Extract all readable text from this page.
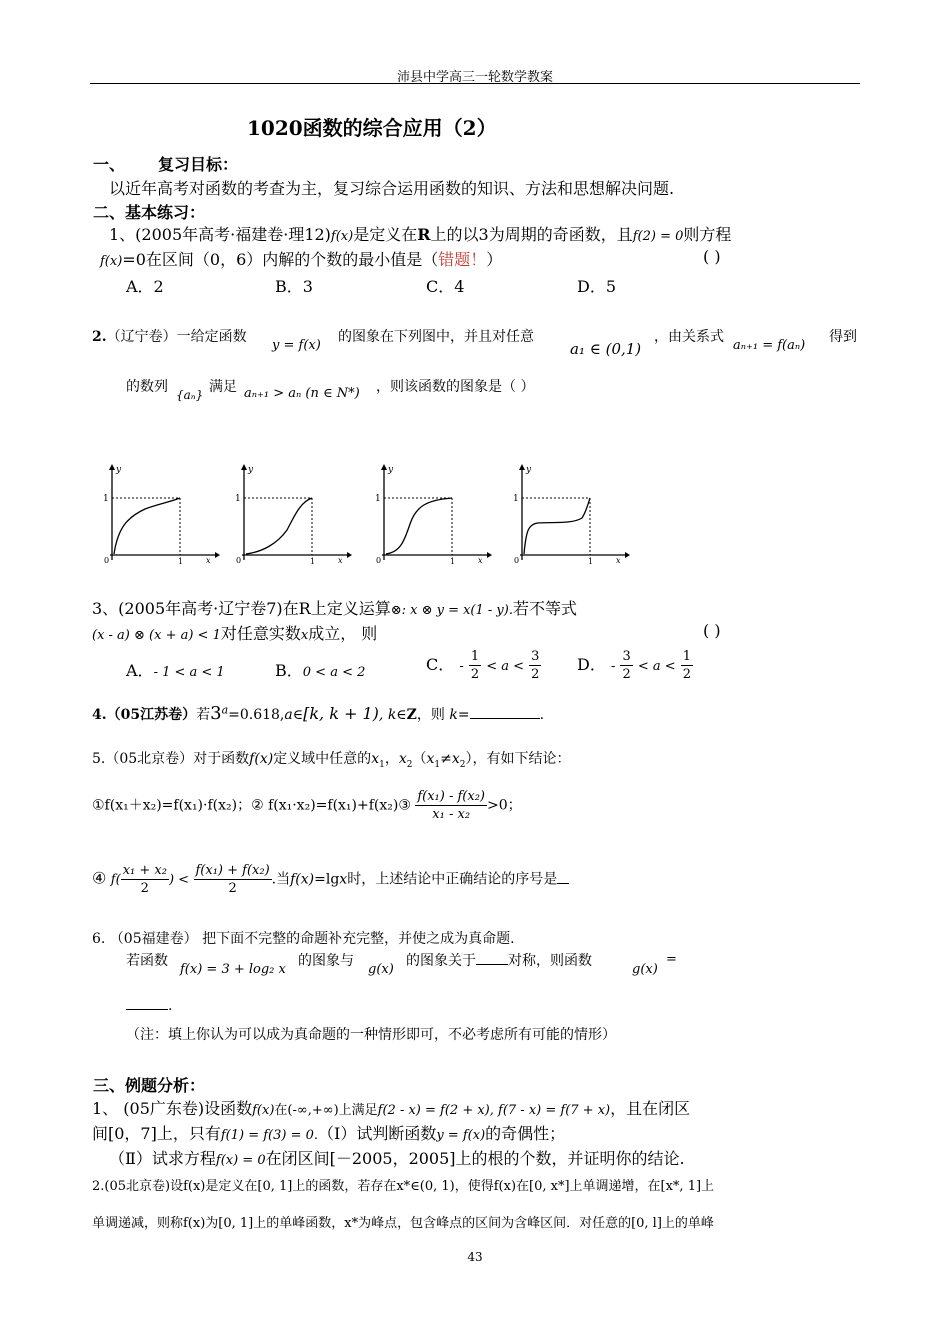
沛县中学高三一轮数学教案
1020函数的综合应用（2）
一、 复习目标：
以近年高考对函数的考查为主，复习综合运用函数的知识、方法和思想解决问题.
二、基本练习：
1、(2005年高考·福建卷·理12)f(x)是定义在R上的以3为周期的奇函数，且f(2) = 0则方程
f(x)=0在区间（0，6）内解的个数的最小值是（错题！）	( )
A．2	B．3	C．4	D．5
2.（辽宁卷）一给定函数
y = f(x)
的图象在下列图中，并且对任意
a₁ ∈ (0,1)
，由关系式
aₙ₊₁ = f(aₙ)
得到
的数列 {aₙ} 满足 aₙ₊₁ > aₙ (n ∈ N*) ，则该函数的图象是（ ）
y
1
0	1	x
y
1
0	1	x
y
1
0	1	x
y
1
0	1	x
3、(2005年高考·辽宁卷7)在R上定义运算⊗: x ⊗ y = x(1 - y).若不等式
(x - a) ⊗ (x + a) < 1对任意实数x成立， 则	( )
A．- 1 < a < 1	B．0 < a < 2	C． - $\frac{1}{2} < a < \frac{3}{2}$ D． - $\frac{3}{2} < a < \frac{1}{2}$
4.（05江苏卷）若$3^a=0.618,a\in[k$, k + 1), k∈Z，则 k=	.
5.（05北京卷）对于函数f(x)定义域中任意的$x_1$，$x_2(x_1\ne x_2)$，有如下结论：
①f(x₁＋x₂)=f(x₁)·f(x₂)；② f(x₁·x₂)=f(x₁)+f(x₂)③ $\frac{\text{f(x₁) - f(x₂)}}{\text{x₁ - x₂}} >0$；
④ $f( \frac{\text{x₁ + x₂}}{2}$ ) < $\frac{\text{f(x₁) + f(x₂)}}{2}$ .当f(x)=lgx时，上述结论中正确结论的序号是
6. （05福建卷） 把下面不完整的命题补充完整，并使之成为真命题.
若函数
f(x) = 3 + log₂ x
的图象与
g(x)
的图象关于 对称，则函数
g(x)
=
.
（注：填上你认为可以成为真命题的一种情形即可，不必考虑所有可能的情形）
三、例题分析：
1、 (05广东卷)设函数f(x)在(-∞,+∞)上满足f(2 - x) = f(2 + x), f(7 - x) = f(7 + x)，且在闭区
间[0，7]上，只有f(1) = f(3) = 0.（Ⅰ）试判断函数y = f(x)的奇偶性；
（Ⅱ）试求方程f(x) = 0在闭区间[－2005，2005]上的根的个数，并证明你的结论.
2.(05北京卷)设f(x)是定义在[0, 1]上的函数，若存在x*∈(0, 1)，使得f(x)在[0, x*]上单调递增，在[x*, 1]上
单调递减，则称f(x)为[0, 1]上的单峰函数，x*为峰点，包含峰点的区间为含峰区间．对任意的[0, l]上的单峰
43
